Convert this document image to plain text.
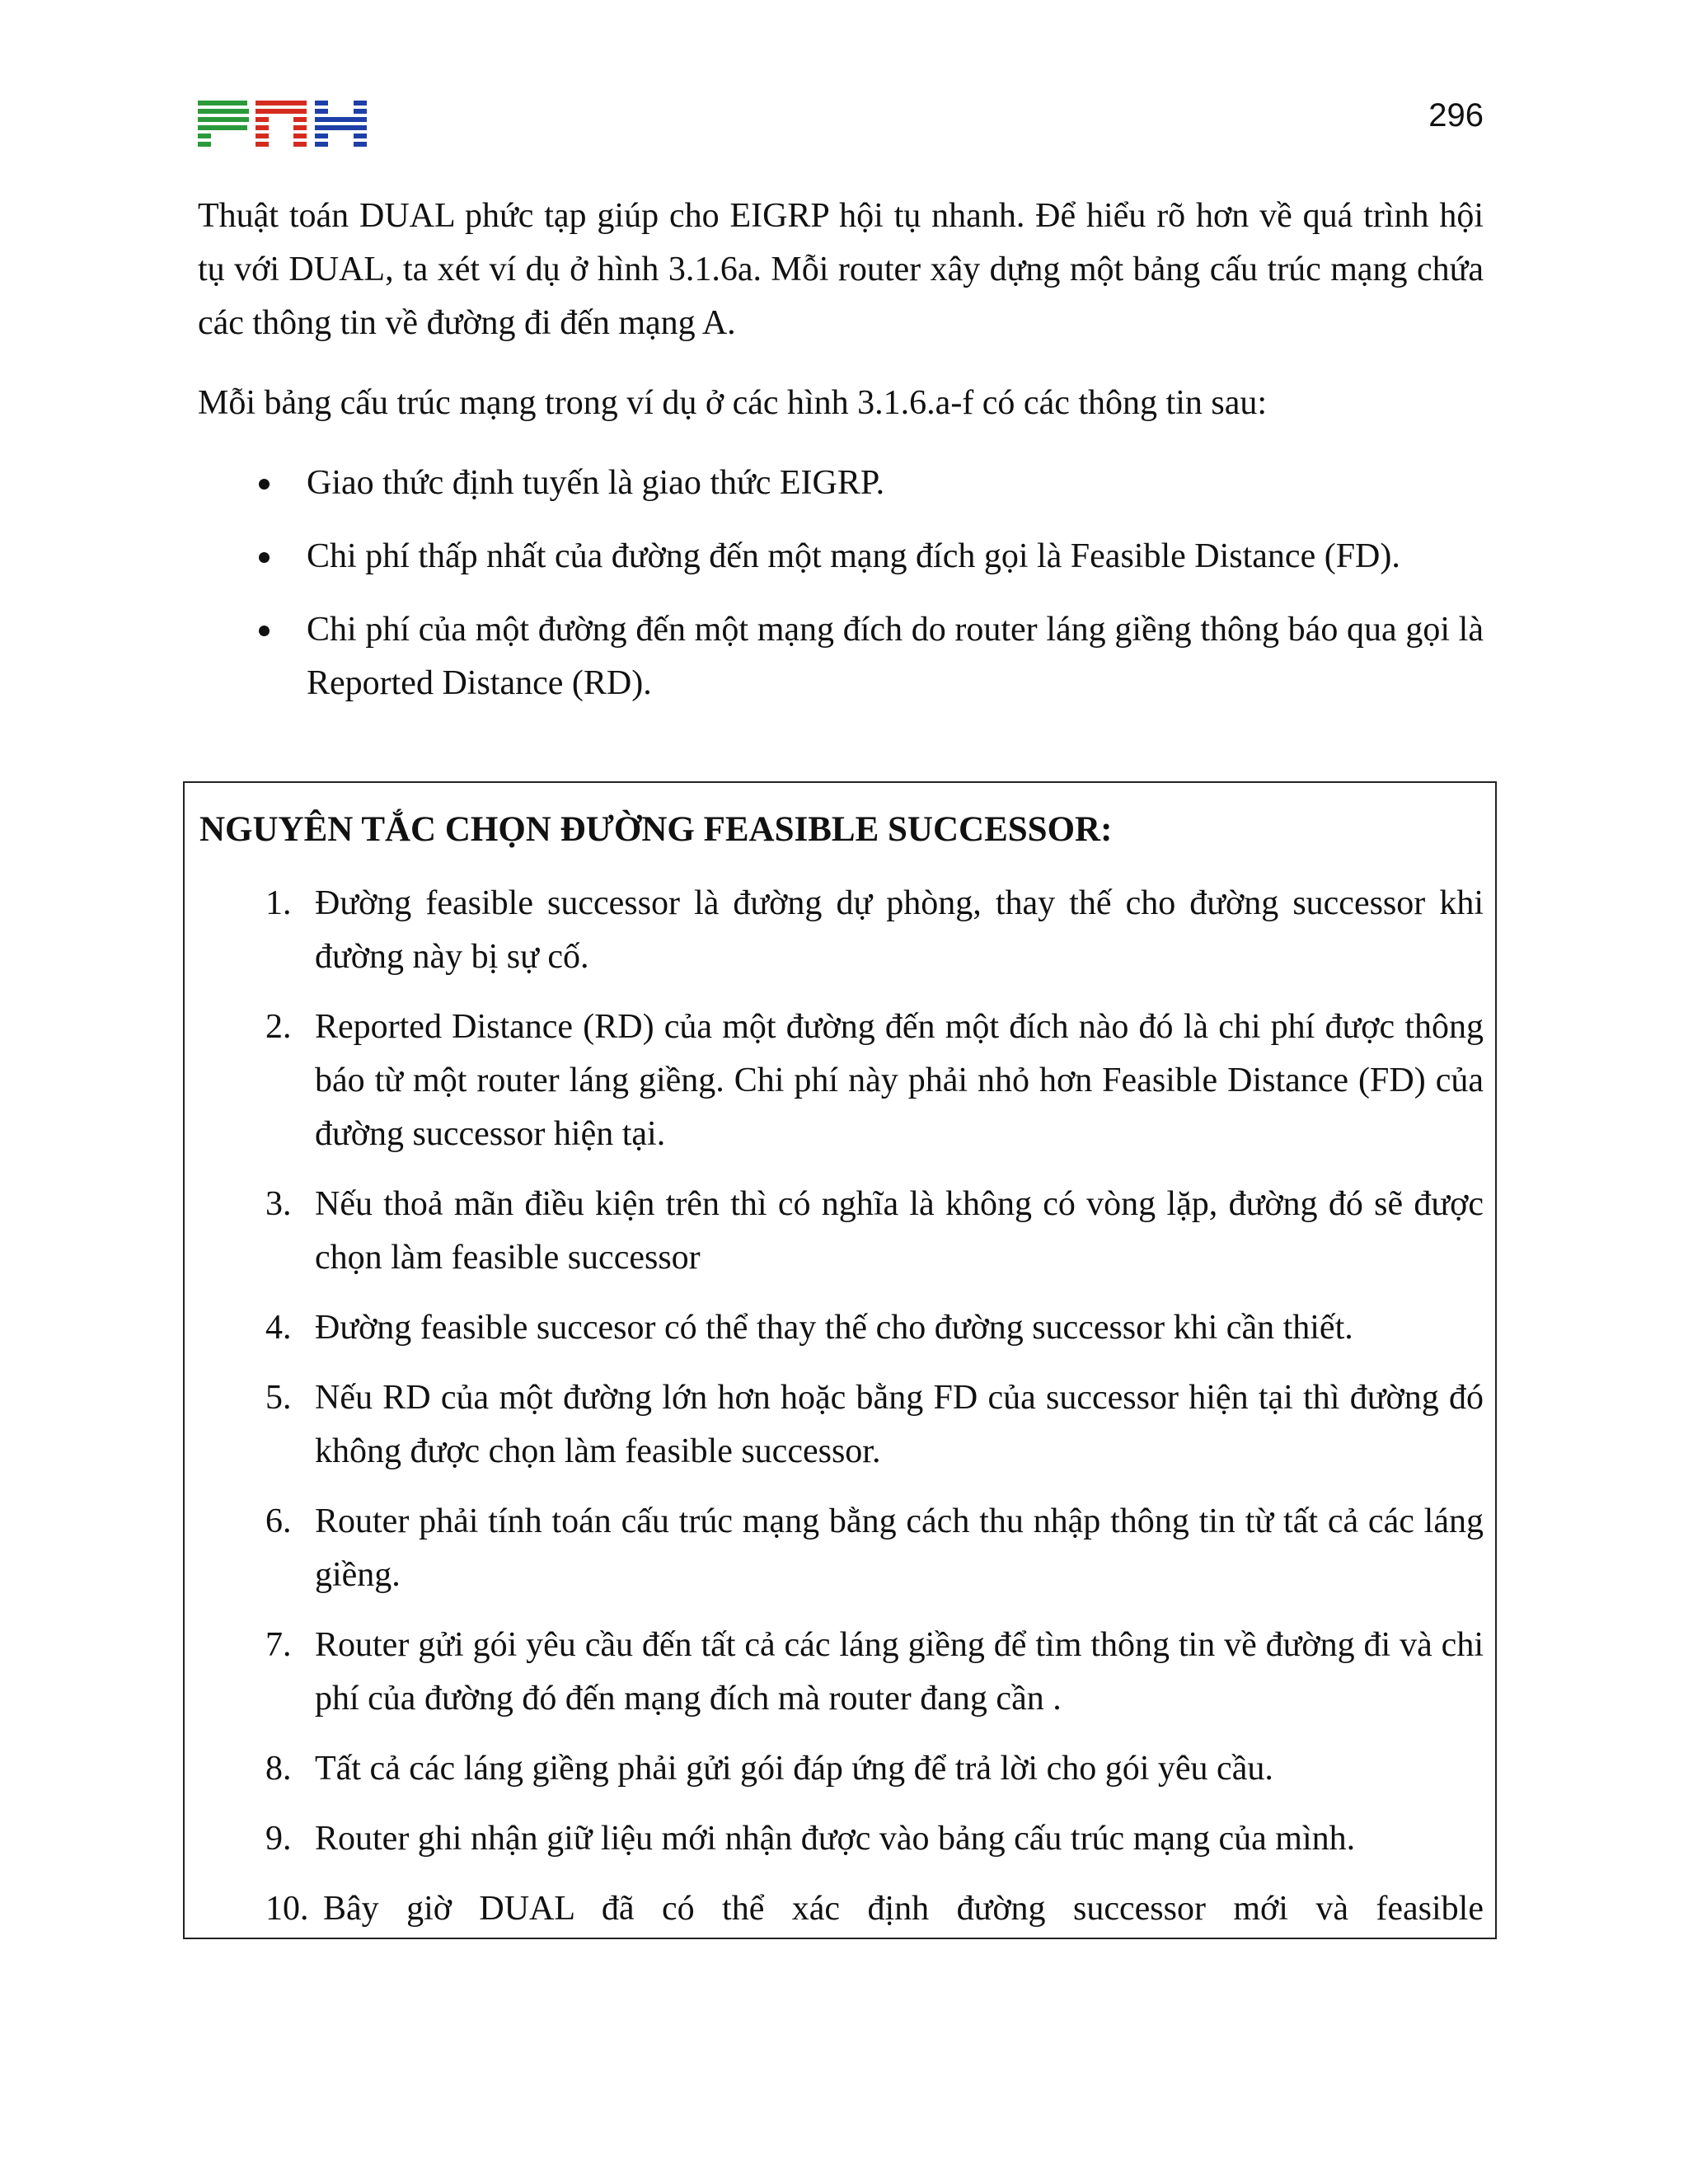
296

Thuật toán DUAL phức tạp giúp cho EIGRP hội tụ nhanh. Để hiểu rõ hơn về quá trình hội tụ với DUAL, ta xét ví dụ ở hình 3.1.6a. Mỗi router xây dựng một bảng cấu trúc mạng chứa các thông tin về đường đi đến mạng A.

Mỗi bảng cấu trúc mạng trong ví dụ ở các hình 3.1.6.a-f có các thông tin sau:

Giao thức định tuyến là giao thức EIGRP.
Chi phí thấp nhất của đường đến một mạng đích gọi là Feasible Distance (FD).
Chi phí của một đường đến một mạng đích do router láng giềng thông báo qua gọi là Reported Distance (RD).
NGUYÊN TẮC CHỌN ĐƯỜNG FEASIBLE SUCCESSOR:
1. Đường feasible successor là đường dự phòng, thay thế cho đường successor khi đường này bị sự cố.
2. Reported Distance (RD) của một đường đến một đích nào đó là chi phí được thông báo từ một router láng giềng. Chi phí này phải nhỏ hơn Feasible Distance (FD) của đường successor hiện tại.
3. Nếu thoả mãn điều kiện trên thì có nghĩa là không có vòng lặp, đường đó sẽ được chọn làm feasible successor
4. Đường feasible succesor có thể thay thế cho đường successor khi cần thiết.
5. Nếu RD của một đường lớn hơn hoặc bằng FD của successor hiện tại thì đường đó không được chọn làm feasible successor.
6. Router phải tính toán cấu trúc mạng bằng cách thu nhập thông tin từ tất cả các láng giềng.
7. Router gửi gói yêu cầu đến tất cả các láng giềng để tìm thông tin về đường đi và chi phí của đường đó đến mạng đích mà router đang cần .
8. Tất cả các láng giềng phải gửi gói đáp ứng để trả lời cho gói yêu cầu.
9. Router ghi nhận giữ liệu mới nhận được vào bảng cấu trúc mạng của mình.
10. Bây giờ DUAL đã có thể xác định đường successor mới và feasible
